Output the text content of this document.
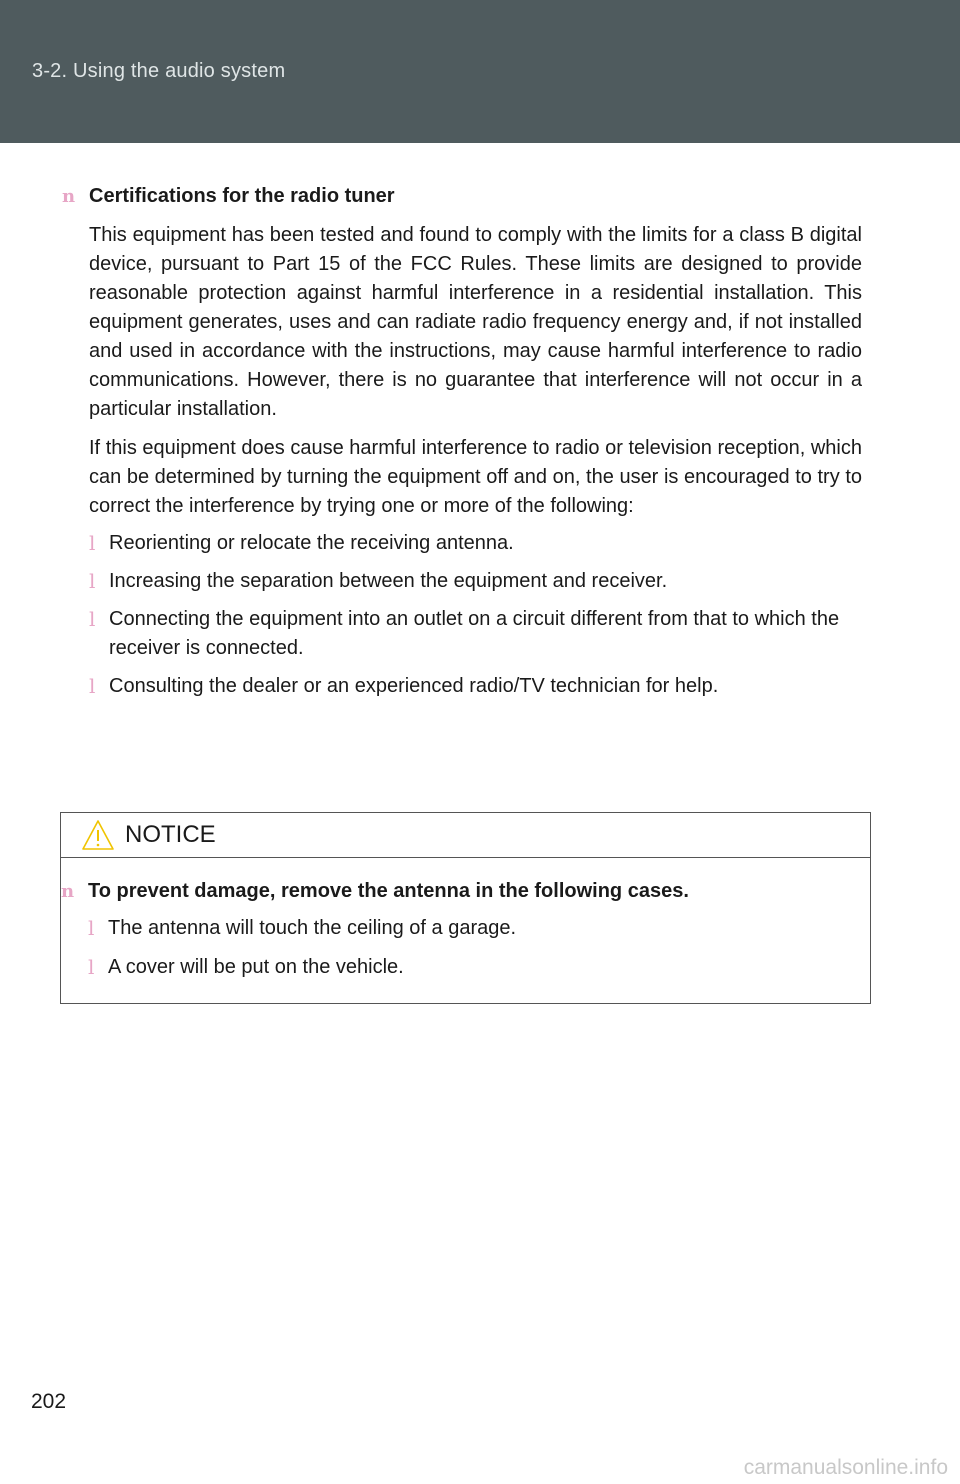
3-2. Using the audio system
n Certifications for the radio tuner

This equipment has been tested and found to comply with the limits for a class B digital device, pursuant to Part 15 of the FCC Rules. These limits are designed to provide reasonable protection against harmful interference in a residential installation. This equipment generates, uses and can radiate radio frequency energy and, if not installed and used in accordance with the instructions, may cause harmful interference to radio communications. However, there is no guarantee that interference will not occur in a particular installation.

If this equipment does cause harmful interference to radio or television reception, which can be determined by turning the equipment off and on, the user is encouraged to try to correct the interference by trying one or more of the following:

l Reorienting or relocate the receiving antenna.
l Increasing the separation between the equipment and receiver.
l Connecting the equipment into an outlet on a circuit different from that to which the receiver is connected.
l Consulting the dealer or an experienced radio/TV technician for help.
NOTICE
n To prevent damage, remove the antenna in the following cases.
l The antenna will touch the ceiling of a garage.
l A cover will be put on the vehicle.
202
carmanualsonline.info
